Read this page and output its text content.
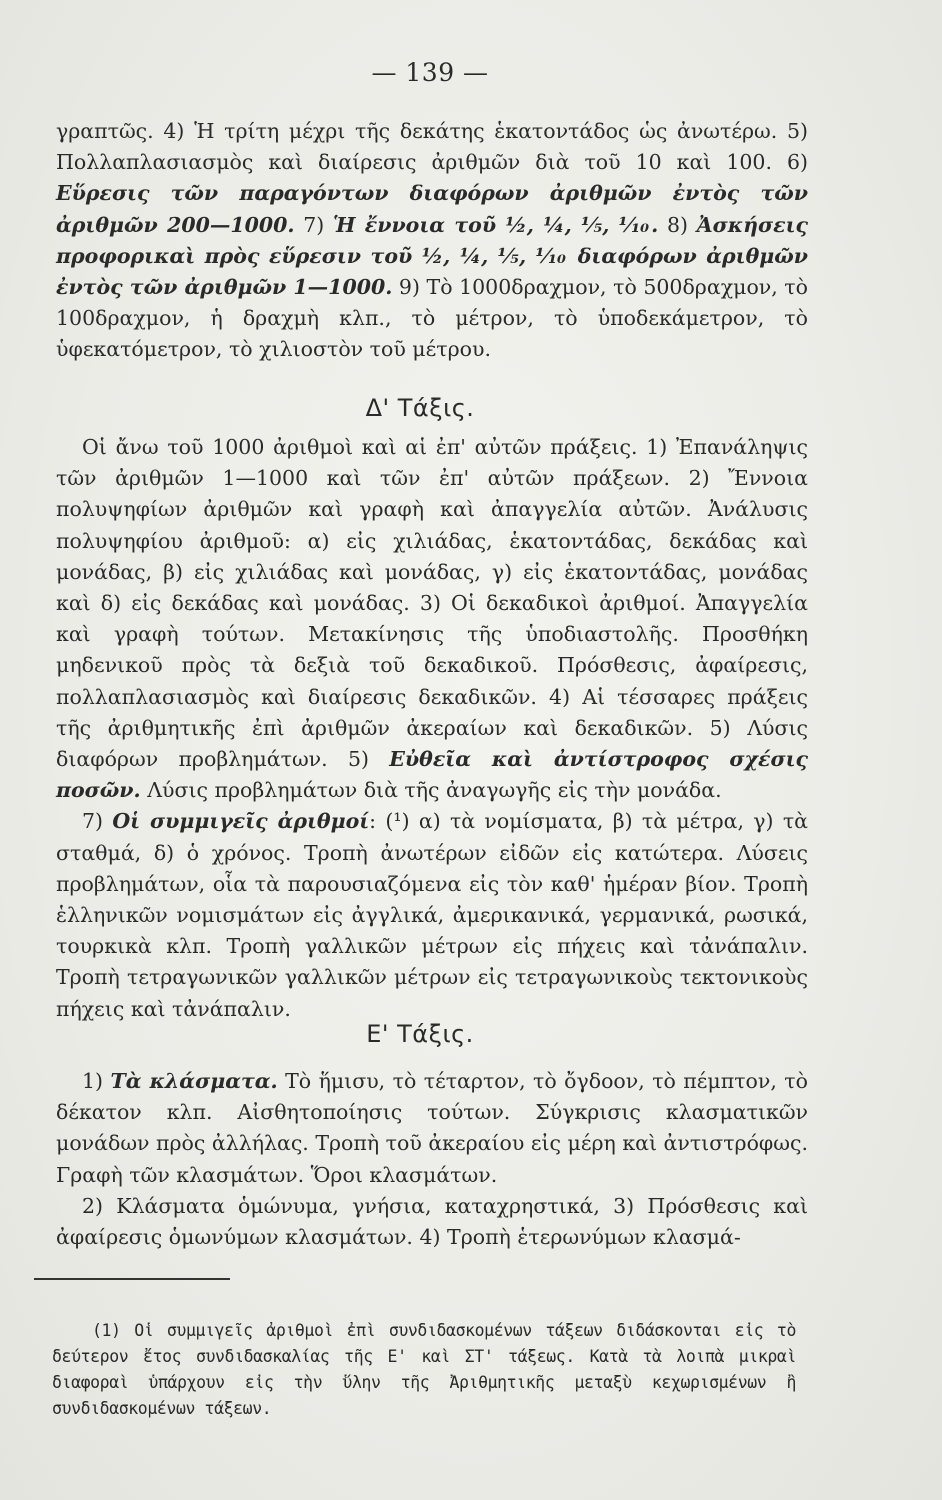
— 139 —

γραπτῶς. 4) Ἡ τρίτη μέχρι τῆς δεκάτης ἑκατοντάδος ὡς ἀνωτέρω. 5) Πολλαπλασιασμὸς καὶ διαίρεσις ἀριθμῶν διὰ τοῦ 10 καὶ 100. 6) Εὕρεσις τῶν παραγόντων διαφόρων ἀριθμῶν ἐντὸς τῶν ἀριθμῶν 200—1000. 7) Ἡ ἔννοια τοῦ ½, ¼, ⅕, ⅒. 8) Ἀσκήσεις προφορικαὶ πρὸς εὕρεσιν τοῦ ½, ¼, ⅕, ⅒ διαφόρων ἀριθμῶν ἐντὸς τῶν ἀριθμῶν 1—1000. 9) Τὸ 1000δραχμον, τὸ 500δραχμον, τὸ 100δραχμον, ἡ δραχμὴ κλπ., τὸ μέτρον, τὸ ὑποδεκάμετρον, τὸ ὑφεκατόμετρον, τὸ χιλιοστὸν τοῦ μέτρου.

Δ' Τάξις.

Οἱ ἄνω τοῦ 1000 ἀριθμοὶ καὶ αἱ ἐπ' αὐτῶν πράξεις. 1) Ἐπανάληψις τῶν ἀριθμῶν 1—1000 καὶ τῶν ἐπ' αὐτῶν πράξεων. 2) Ἔννοια πολυψηφίων ἀριθμῶν καὶ γραφὴ καὶ ἀπαγγελία αὐτῶν. Ἀνάλυσις πολυψηφίου ἀριθμοῦ: α) εἰς χιλιάδας, ἑκατοντάδας, δεκάδας καὶ μονάδας, β) εἰς χιλιάδας καὶ μονάδας, γ) εἰς ἑκατοντάδας, μονάδας καὶ δ) εἰς δεκάδας καὶ μονάδας. 3) Οἱ δεκαδικοὶ ἀριθμοί. Ἀπαγγελία καὶ γραφὴ τούτων. Μετακίνησις τῆς ὑποδιαστολῆς. Προσθήκη μηδενικοῦ πρὸς τὰ δεξιὰ τοῦ δεκαδικοῦ. Πρόσθεσις, ἀφαίρεσις, πολλαπλασιασμὸς καὶ διαίρεσις δεκαδικῶν. 4) Αἱ τέσσαρες πράξεις τῆς ἀριθμητικῆς ἐπὶ ἀριθμῶν ἀκεραίων καὶ δεκαδικῶν. 5) Λύσις διαφόρων προβλημάτων. 5) Εὐθεῖα καὶ ἀντίστροφος σχέσις ποσῶν. Λύσις προβλημάτων διὰ τῆς ἀναγωγῆς εἰς τὴν μονάδα.

7) Οἱ συμμιγεῖς ἀριθμοί: (¹) α) τὰ νομίσματα, β) τὰ μέτρα, γ) τὰ σταθμά, δ) ὁ χρόνος. Τροπὴ ἀνωτέρων εἰδῶν εἰς κατώτερα. Λύσεις προβλημάτων, οἷα τὰ παρουσιαζόμενα εἰς τὸν καθ' ἡμέραν βίον. Τροπὴ ἑλληνικῶν νομισμάτων εἰς ἀγγλικά, ἀμερικανικά, γερμανικά, ρωσικά, τουρκικὰ κλπ. Τροπὴ γαλλικῶν μέτρων εἰς πήχεις καὶ τἀνάπαλιν. Τροπὴ τετραγωνικῶν γαλλικῶν μέτρων εἰς τετραγωνικοὺς τεκτονικοὺς πήχεις καὶ τἀνάπαλιν.

Ε' Τάξις.

1) Τὰ κλάσματα. Τὸ ἥμισυ, τὸ τέταρτον, τὸ ὄγδοον, τὸ πέμπτον, τὸ δέκατον κλπ. Αἰσθητοποίησις τούτων. Σύγκρισις κλασματικῶν μονάδων πρὸς ἀλλήλας. Τροπὴ τοῦ ἀκεραίου εἰς μέρη καὶ ἀντιστρόφως. Γραφὴ τῶν κλασμάτων. Ὅροι κλασμάτων.

2) Κλάσματα ὁμώνυμα, γνήσια, καταχρηστικά, 3) Πρόσθεσις καὶ ἀφαίρεσις ὁμωνύμων κλασμάτων. 4) Τροπὴ ἑτερωνύμων κλασμά-

(1) Οἱ συμμιγεῖς ἀριθμοὶ ἐπὶ συνδιδασκομένων τάξεων διδάσκονται εἰς τὸ δεύτερον ἔτος συνδιδασκαλίας τῆς Ε' καὶ ΣΤ' τάξεως. Κατὰ τὰ λοιπὰ μικραὶ διαφοραὶ ὑπάρχουν εἰς τὴν ὕλην τῆς Ἀριθμητικῆς μεταξὺ κεχωρισμένων ἢ συνδιδασκομένων τάξεων.
